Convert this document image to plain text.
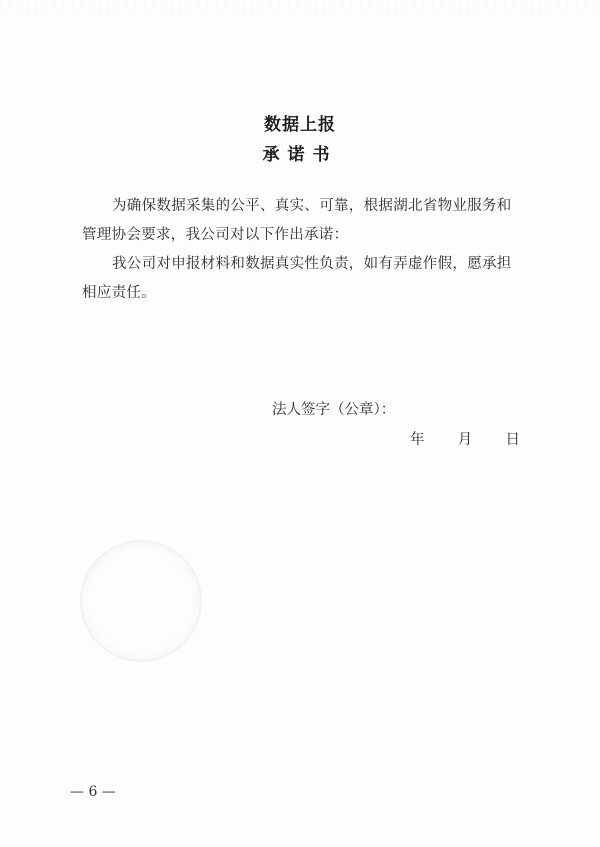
数据上报
承诺书
为确保数据采集的公平、真实、可靠，根据湖北省物业服务和管理协会要求，我公司对以下作出承诺：
我公司对申报材料和数据真实性负责，如有弄虚作假，愿承担相应责任。
法人签字（公章）：
年 月 日
— 6 —
